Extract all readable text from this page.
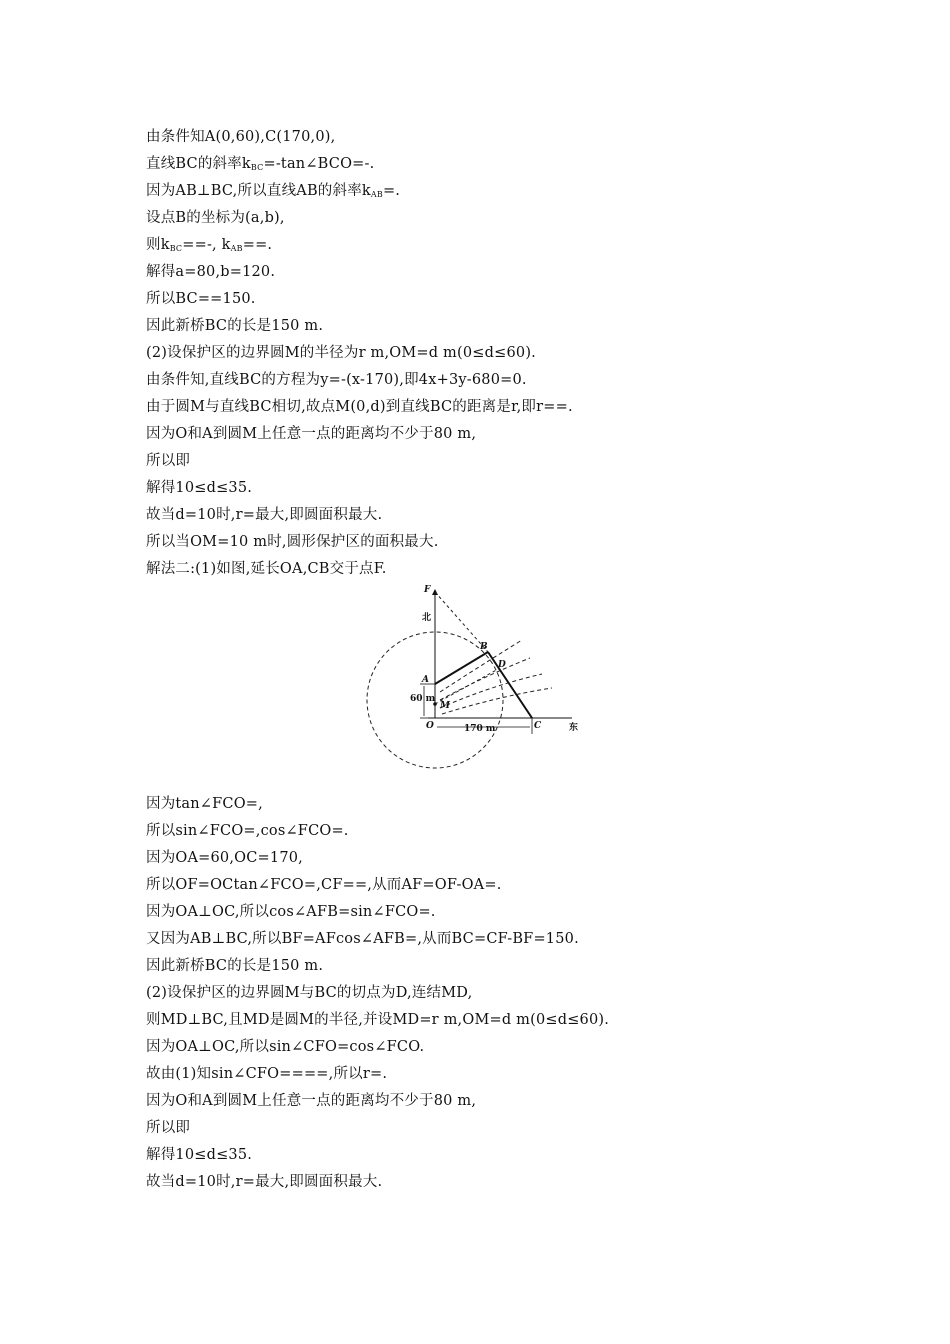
由条件知A(0,60),C(170,0),
直线BC的斜率$k_{BC}=-\tan\angle BCO=-$.
因为AB⊥BC,所以直线AB的斜率$k_{AB}=$.
设点B的坐标为(a,b),
则$k_{BC}==-$, $k_{AB}==$.
解得a=80,b=120.
所以BC==150.
因此新桥BC的长是150 m.
(2)设保护区的边界圆M的半径为r m,OM=d m(0≤d≤60).
由条件知,直线BC的方程为y=-(x-170),即4x+3y-680=0.
由于圆M与直线BC相切,故点M(0,d)到直线BC的距离是r,即r==.
因为O和A到圆M上任意一点的距离均不少于80 m,
所以即
解得10≤d≤35.
故当d=10时,r=最大,即圆面积最大.
所以当OM=10 m时,圆形保护区的面积最大.
解法二:(1)如图,延长OA,CB交于点F.
F
北
B
D
A
60 m
M
O	170 m	C	东
因为tan∠FCO=,
所以sin∠FCO=,cos∠FCO=.
因为OA=60,OC=170,
所以OF=OCtan∠FCO=,CF==,从而AF=OF-OA=.
因为OA⊥OC,所以cos∠AFB=sin∠FCO=.
又因为AB⊥BC,所以BF=AFcos∠AFB=,从而BC=CF-BF=150.
因此新桥BC的长是150 m.
(2)设保护区的边界圆M与BC的切点为D,连结MD,
则MD⊥BC,且MD是圆M的半径,并设MD=r m,OM=d m(0≤d≤60).
因为OA⊥OC,所以sin∠CFO=cos∠FCO.
故由(1)知sin∠CFO====,所以r=.
因为O和A到圆M上任意一点的距离均不少于80 m,
所以即
解得10≤d≤35.
故当d=10时,r=最大,即圆面积最大.
